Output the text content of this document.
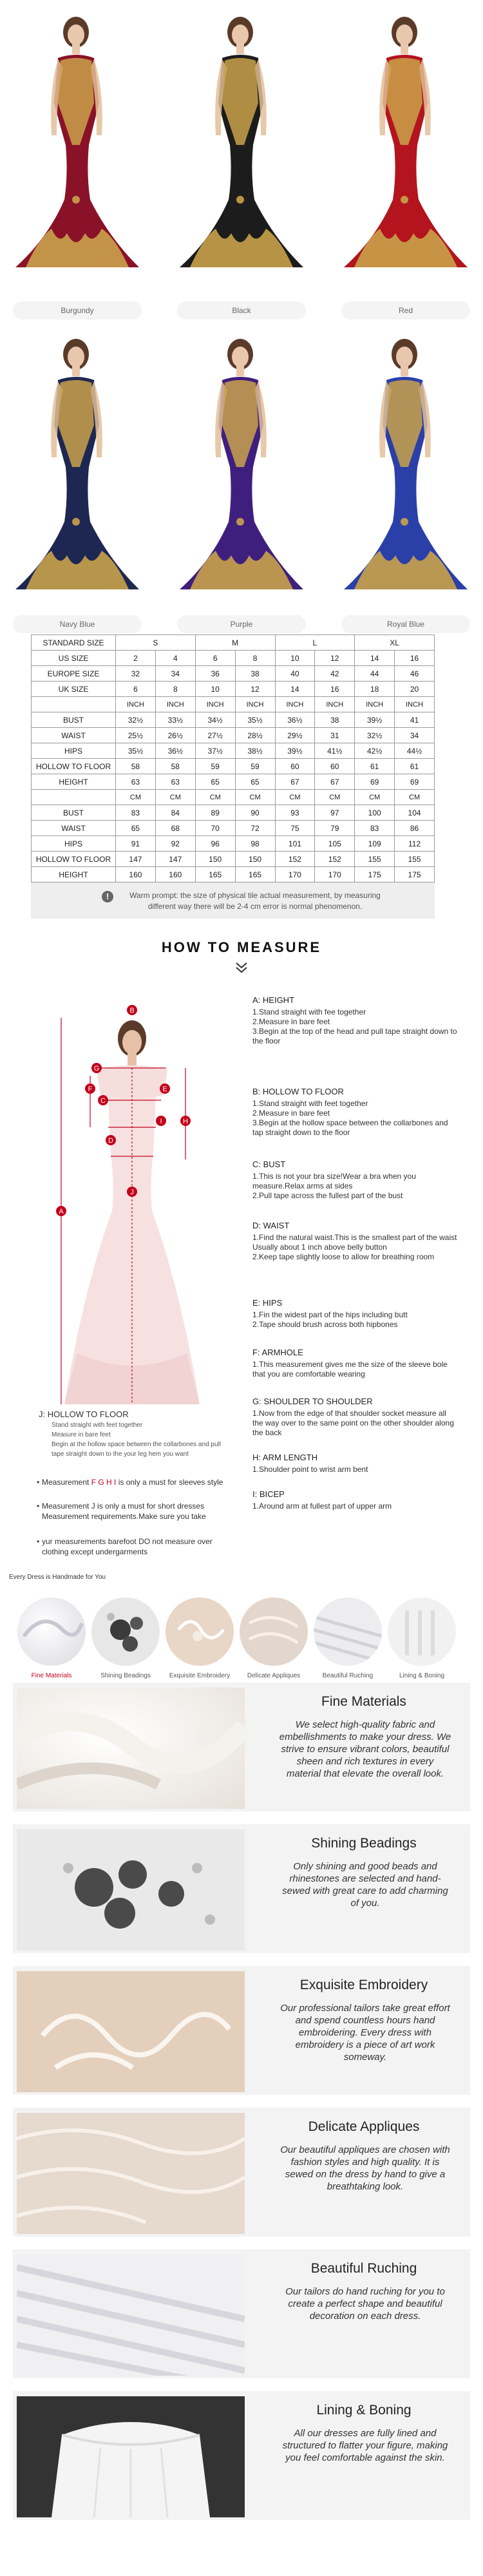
Burgundy	Black	Red
Navy Blue	Purple	Royal Blue
STANDARD SIZE	S		M		L		XL	
US SIZE	2	4	6	8	10	12	14	16
EUROPE SIZE	32	34	36	38	40	42	44	46
UK SIZE	6	8	10	12	14	16	18	20
	INCH	INCH	INCH	INCH	INCH	INCH	INCH	INCH
BUST	32½	33½	34½	35½	36½	38	39½	41
WAIST	25½	26½	27½	28½	29½	31	32½	34
HIPS	35½	36½	37½	38½	39½	41½	42½	44½
HOLLOW TO FLOOR	58	58	59	59	60	60	61	61
HEIGHT	63	63	65	65	67	67	69	69
	CM	CM	CM	CM	CM	CM	CM	CM
BUST	83	84	89	90	93	97	100	104
WAIST	65	68	70	72	75	79	83	86
HIPS	91	92	96	98	101	105	109	112
HOLLOW TO FLOOR	147	147	150	150	152	152	155	155
HEIGHT	160	160	165	165	170	170	175	175
!	Warm prompt: the size of physical tile actual measurement, by measuring different way there will be 2-4 cm error is normal phenomenon.
HOW TO MEASURE
B
G
E
F
C
A
D
H
I
J
A: HEIGHT
1.Stand straight with fee together
2.Measure in bare feet
3.Begin at the top of the head and pull tape straight down to the floor
B: HOLLOW TO FLOOR
1.Stand straight with feet together
2.Measure in bare feet
3.Begin at the hollow space between the collarbones and tap straight down to the floor
C: BUST
1.This is not your bra size!Wear a bra when you measure.Relax arms at sides
2.Pull tape across the fullest part of the bust
D: WAIST
1.Find the natural waist.This is the smallest part of the waist Usually about 1 inch above belly button
2.Keep tape slightly loose to allow for breathing room
E: HIPS
1.Fin the widest part of the hips including butt
2.Tape should brush across both hipbones
F: ARMHOLE
1.This measurement gives me the size of the sleeve bole that you are comfortable wearing
G: SHOULDER TO SHOULDER
1.Now from the edge of that shoulder socket measure all the way over to the same point on the other shoulder along the back
H: ARM LENGTH
1.Shoulder point to wrist arm bent
I: BICEP
1.Around arm at fullest part of upper arm
J: HOLLOW TO FLOOR
Stand straight with feet together
Measure in bare feet
Begin at the hollow space between the collarbones and pull tape straight down to the your leg hem you want
• Measurement F G H I is only a must for sleeves style
• Measurement J is only a must for short dresses Measurement requirements.Make sure you take
• yur measurements barefoot DO not measure over clothing except undergarments
Every Dress is Handmade for You
Fine Materials	Shining Beadings	Exquisite Embroidery	Delicate Appliques	Beautiful Ruching	Lining & Boning
Fine Materials
We select high-quality fabric and embellishments to make your dress. We strive to ensure vibrant colors, beautiful sheen and rich textures in every material that elevate the overall look.
Shining Beadings
Only shining and good beads and rhinestones are selected and hand-sewed with great care to add charming of you.
Exquisite Embroidery
Our professional tailors take great effort and spend countless hours hand embroidering. Every dress with embroidery is a piece of art work someway.
Delicate Appliques
Our beautiful appliques are chosen with fashion styles and high quality. It is sewed on the dress by hand to give a breathtaking look.
Beautiful Ruching
Our tailors do hand ruching for you to create a perfect shape and beautiful decoration on each dress.
Lining & Boning
All our dresses are fully lined and structured to flatter your figure, making you feel comfortable against the skin.
